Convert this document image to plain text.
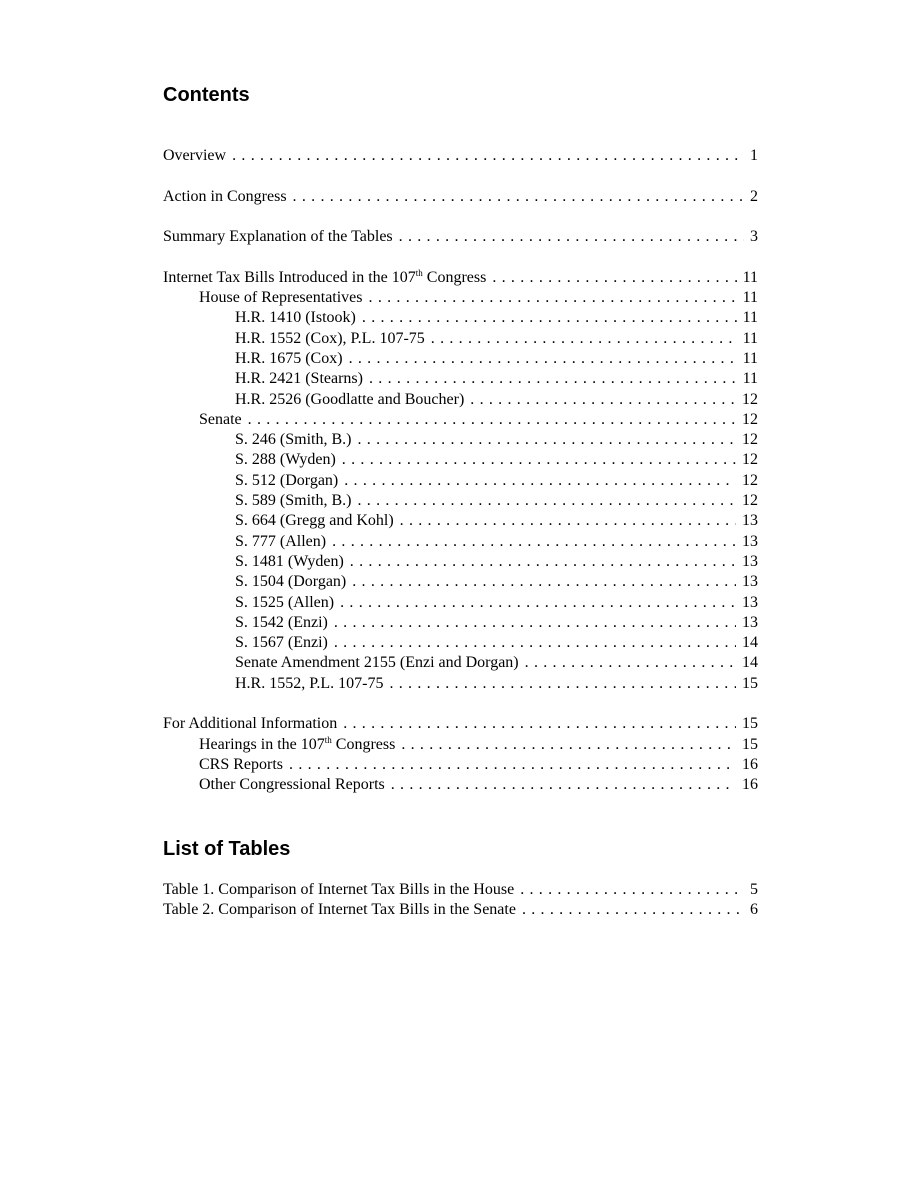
Contents
Overview . . .	1
Action in Congress . . .	2
Summary Explanation of the Tables . . .	3
Internet Tax Bills Introduced in the 107th Congress . . .	11
House of Representatives . . .	11
H.R. 1410 (Istook) . . .	11
H.R. 1552 (Cox), P.L. 107-75 . . .	11
H.R. 1675 (Cox) . . .	11
H.R. 2421 (Stearns) . . .	11
H.R. 2526 (Goodlatte and Boucher) . . .	12
Senate . . .	12
S. 246 (Smith, B.) . . .	12
S. 288 (Wyden) . . .	12
S. 512 (Dorgan) . . .	12
S. 589 (Smith, B.) . . .	12
S. 664 (Gregg and Kohl) . . .	13
S. 777 (Allen) . . .	13
S. 1481 (Wyden) . . .	13
S. 1504 (Dorgan) . . .	13
S. 1525 (Allen) . . .	13
S. 1542 (Enzi) . . .	13
S. 1567 (Enzi) . . .	14
Senate Amendment 2155 (Enzi and Dorgan) . . .	14
H.R. 1552, P.L. 107-75 . . .	15
For Additional Information . . .	15
Hearings in the 107th Congress . . .	15
CRS Reports . . .	16
Other Congressional Reports . . .	16
List of Tables
Table 1. Comparison of Internet Tax Bills in the House . . .	5
Table 2. Comparison of Internet Tax Bills in the Senate . . .	6
